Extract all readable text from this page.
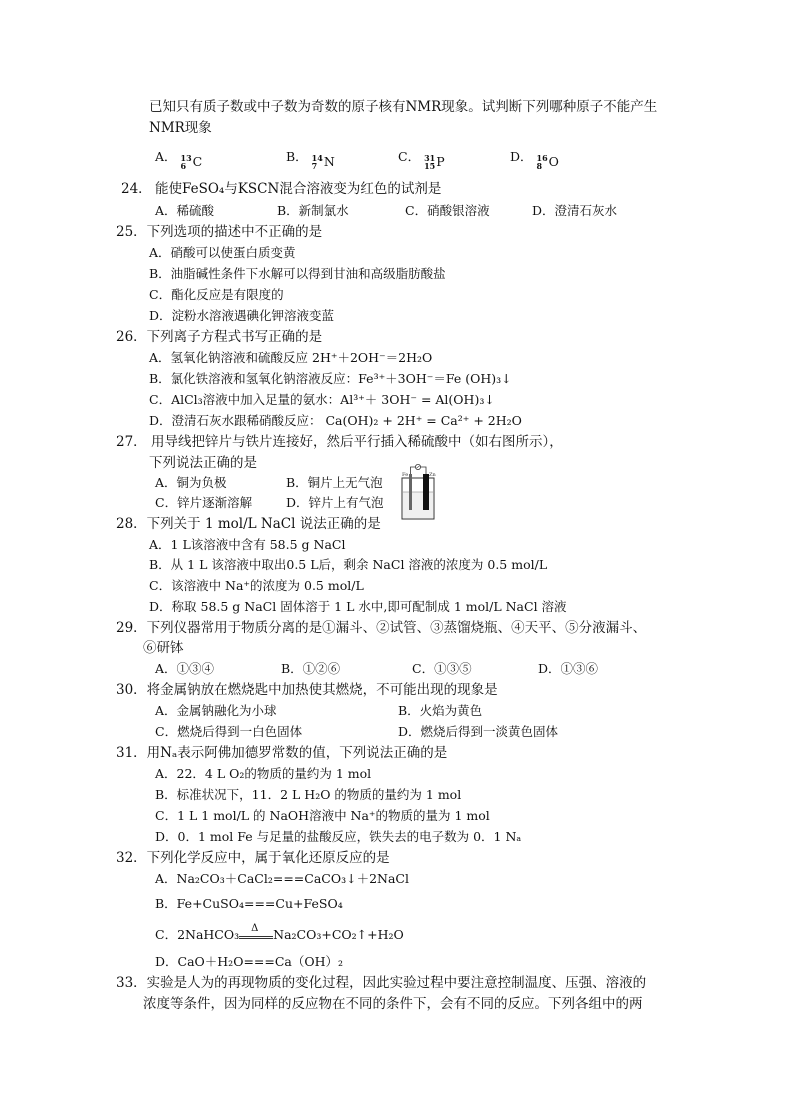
已知只有质子数或中子数为奇数的原子核有NMR现象。试判断下列哪种原子不能产生
NMR现象
A． 13
6 C	B． 14
7 N	C． 31
15 P	D． 16
8 O
24． 能使FeSO₄与KSCN混合溶液变为红色的试剂是
A．稀硫酸	B．新制氯水	C．硝酸银溶液	D．澄清石灰水
25．下列选项的描述中不正确的是
A．硝酸可以使蛋白质变黄
B．油脂碱性条件下水解可以得到甘油和高级脂肪酸盐
C．酯化反应是有限度的
D．淀粉水溶液遇碘化钾溶液变蓝
26．下列离子方程式书写正确的是
A．氢氧化钠溶液和硫酸反应 2H⁺＋2OH⁻＝2H₂O
B．氯化铁溶液和氢氧化钠溶液反应：Fe³⁺＋3OH⁻＝Fe (OH)₃↓
C．AlCl₃溶液中加入足量的氨水：Al³⁺＋ 3OH⁻ = Al(OH)₃↓
D．澄清石灰水跟稀硝酸反应： Ca(OH)₂ + 2H⁺ = Ca²⁺ + 2H₂O
27． 用导线把锌片与铁片连接好，然后平行插入稀硫酸中（如右图所示），
下列说法正确的是
A．铜为负极	B．铜片上无气泡
C．锌片逐渐溶解	D．锌片上有气泡
Fe	Zn
28．下列关于 1 mol/L NaCl 说法正确的是
A．1 L该溶液中含有 58.5 g NaCl
B．从 1 L 该溶液中取出0.5 L后，剩余 NaCl 溶液的浓度为 0.5 mol/L
C．该溶液中 Na⁺的浓度为 0.5 mol/L
D．称取 58.5 g NaCl 固体溶于 1 L 水中,即可配制成 1 mol/L NaCl 溶液
29．下列仪器常用于物质分离的是①漏斗、②试管、③蒸馏烧瓶、④天平、⑤分液漏斗、
⑥研钵
A．①③④	B．①②⑥	C．①③⑤	D．①③⑥
30．将金属钠放在燃烧匙中加热使其燃烧，不可能出现的现象是
A．金属钠融化为小球	B．火焰为黄色
C．燃烧后得到一白色固体	D．燃烧后得到一淡黄色固体
31．用Nₐ表示阿佛加德罗常数的值，下列说法正确的是
A．22．4 L O₂的物质的量约为 1 mol
B．标准状况下，11．2 L H₂O 的物质的量约为 1 mol
C．1 L 1 mol/L 的 NaOH溶液中 Na⁺的物质的量为 1 mol
D．0．1 mol Fe 与足量的盐酸反应，铁失去的电子数为 0．1 Nₐ
32．下列化学反应中，属于氧化还原反应的是
A．Na₂CO₃＋CaCl₂===CaCO₃↓＋2NaCl
B．Fe+CuSO₄===Cu+FeSO₄
C．2NaHCO₃ Δ Na₂CO₃+CO₂↑+H₂O
D．CaO＋H₂O===Ca（OH）₂
33．实验是人为的再现物质的变化过程，因此实验过程中要注意控制温度、压强、溶液的
浓度等条件，因为同样的反应物在不同的条件下，会有不同的反应。下列各组中的两
